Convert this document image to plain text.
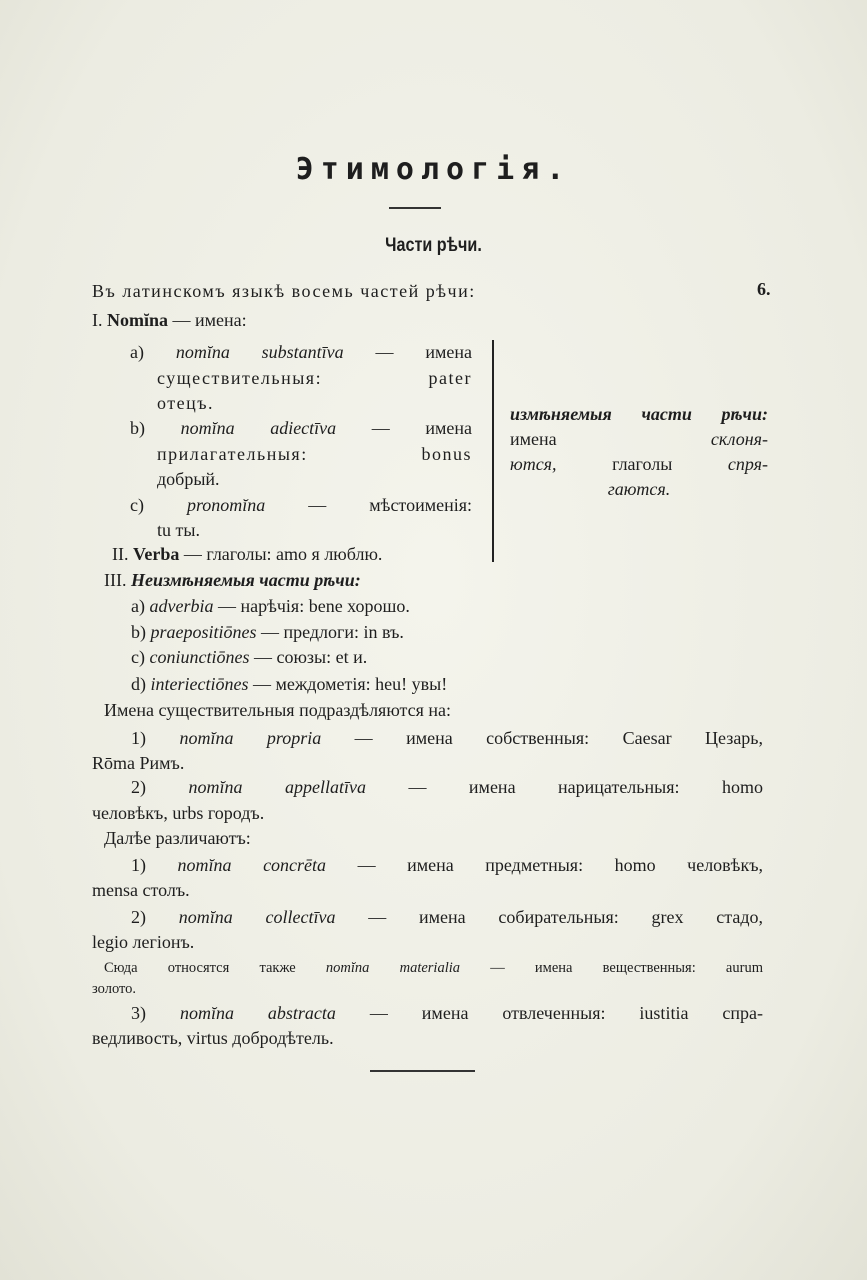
Этимологія.
Части рѣчи.
6.
Въ латинскомъ языкѣ восемь частей рѣчи:
I. Nomĭna — имена:
a) nomĭna substantīva — имена
существительныя: pater
отецъ.
b) nomĭna adiectīva — имена
прилагательныя: bonus
добрый.
c) pronomĭna — мѣстоименія:
tu ты.
II. Verba — глаголы: amo я люблю.
измѣняемыя части рѣчи:
имена склоня-
ются, глаголы спря-
гаются.
III. Неизмѣняемыя части рѣчи:
a) adverbia — нарѣчія: bene хорошо.
b) praepositiōnes — предлоги: in въ.
c) coniunctiōnes — союзы: et и.
d) interiectiōnes — междометія: heu! увы!
Имена существительныя подраздѣляются на:
1) nomĭna propria — имена собственныя: Caesar Цезарь,
Rōma Римъ.
2) nomĭna appellatīva — имена нарицательныя: homo
человѣкъ, urbs городъ.
Далѣе различаютъ:
1) nomĭna concrēta — имена предметныя: homo человѣкъ,
mensa столъ.
2) nomĭna collectīva — имена собирательныя: grex стадо,
legio легіонъ.
Сюда относятся также nomĭna materialia — имена вещественныя: aurum
золото.
3) nomĭna abstracta — имена отвлеченныя: iustitia спра-
ведливость, virtus добродѣтель.
